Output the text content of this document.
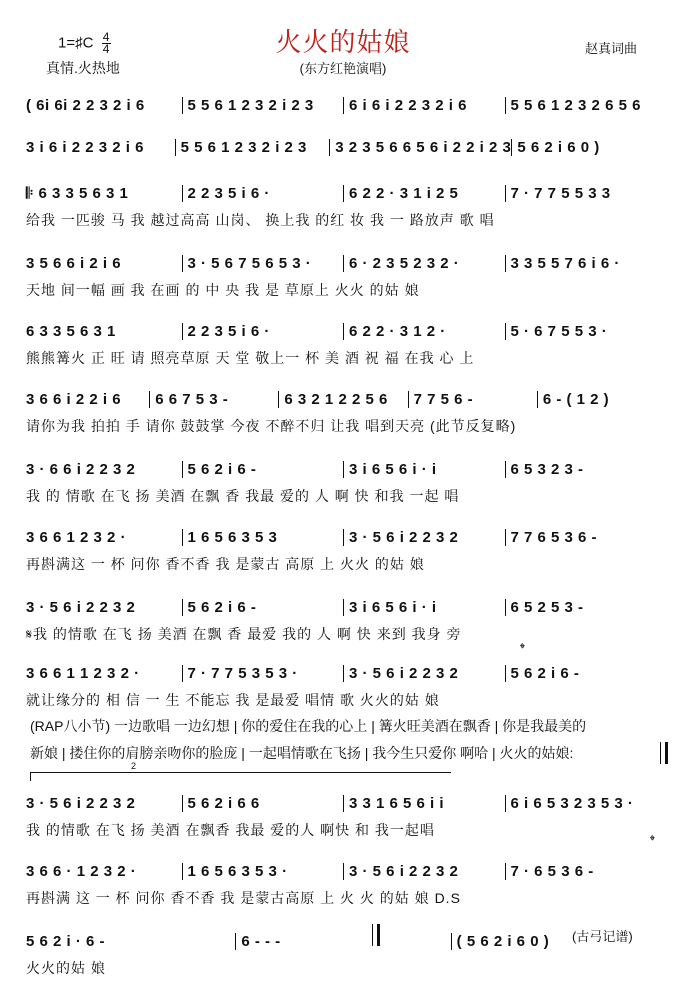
1=♯C $\frac{4}{4}$
真情.火热地
火火的姑娘
(东方红艳演唱)
赵真词曲
( 6i 6i 2 2 3 2 i 6	5 5 6 1 2 3 2 i 2 3	6 i 6 i 2 2 3 2 i 6	5 5 6 1 2 3 2 6 5 6
3 i 6 i 2 2 3 2 i 6	5 5 6 1 2 3 2 i 2 3	3 2 3 5 6 6 5 6 i 2 2 i 2 3 5 6 2 i 6 0 )
𝄆 6 3 3 5 6 3 1	2 2 3 5 i 6 ·	6 2 2 · 3 1 i 2 5	7 · 7 7 5 5 3 3
给我 一匹骏 马 我 越过高高 山岗、 换上我 的红 妆 我 一 路放声 歌 唱
3 5 6 6 i 2 i 6	3 · 5 6 7 5 6 5 3 ·	6 · 2 3 5 2 3 2 ·	3 3 5 5 7 6 i 6 ·
天地 间一幅 画 我 在画 的 中 央 我 是 草原上 火火 的姑 娘
6 3 3 5 6 3 1	2 2 3 5 i 6 ·	6 2 2 · 3 1 2 ·	5 · 6 7 5 5 3 ·
熊熊篝火 正 旺 请 照亮草原 天 堂 敬上一 杯 美 酒 祝 福 在我 心 上
3 6 6 i 2 2 i 6	6 6 7 5 3 -	6 3 2 1 2 2 5 6	7 7 5 6 -	6 - ( 1 2 )
请你为我 拍拍 手 请你 鼓鼓掌 今夜 不醉不归 让我 唱到天亮 (此节反复略)
3 · 6 6 i 2 2 3 2	5 6 2 i 6 -	3 i 6 5 6 i · i	6 5 3 2 3 -
我 的 情歌 在飞 扬 美酒 在飘 香 我最 爱的 人 啊 快 和我 一起 唱
3 6 6 1 2 3 2 ·	1 6 5 6 3 5 3	3 · 5 6 i 2 2 3 2	7 7 6 5 3 6 -
再斟满这 一 杯 问你 香不香 我 是蒙古 高原 上 火火 的姑 娘
3 · 5 6 i 2 2 3 2	5 6 2 i 6 -	3 i 6 5 6 i · i	6 5 2 5 3 -
𝄋我 的情歌 在飞 扬 美酒 在飘 香 最爱 我的 人 啊 快 来到 我身 旁
3 6 6 1 1 2 3 2 ·	7 · 7 7 5 3 5 3 ·	3 · 5 6 i 2 2 3 2	5 6 2 i 6 -
就让缘分的 相 信 一 生 不能忘 我 是最爱 唱情 歌 火火的姑 娘
3 · 5 6 i 2 2 3 2	5 6 2 i 6 6	3 3 1 6 5 6 i i	6 i 6 5 3 2 3 5 3 ·
我 的情歌 在飞 扬 美酒 在飘香 我最 爱的人 啊快 和 我一起唱
3 6 6 · 1 2 3 2 ·	1 6 5 6 3 5 3 ·	3 · 5 6 i 2 2 3 2	7 · 6 5 3 6 -
再斟满 这 一 杯 问你 香不香 我 是蒙古高原 上 火 火 的姑 娘 D.S
5 6 2 i · 6 -	6 - - -	( 5 6 2 i 6 0 )
火火的姑 娘
(RAP八小节) 一边歌唱 一边幻想 | 你的爱住在我的心上 | 篝火旺美酒在飘香 | 你是我最美的
新娘 | 搂住你的肩膀亲吻你的脸庞 | 一起唱情歌在飞扬 | 我今生只爱你 啊哈 | 火火的姑娘:
2
𝄌
𝄌
(古弓记谱)
